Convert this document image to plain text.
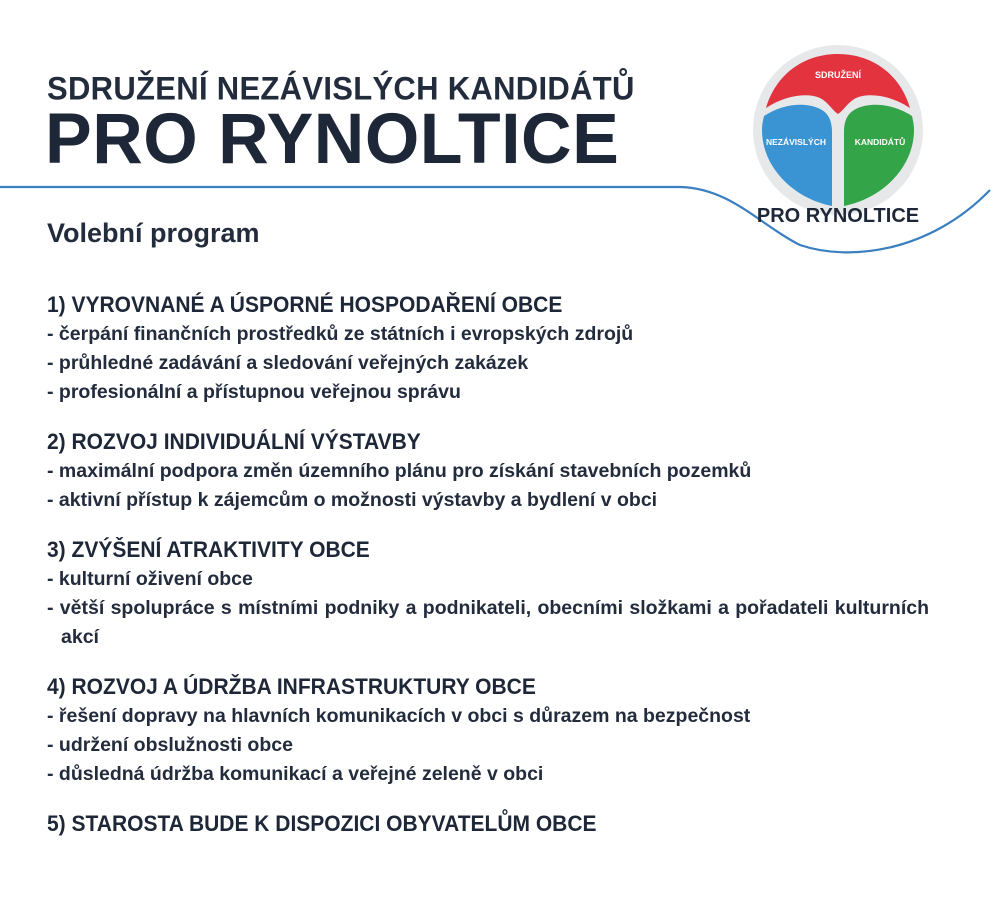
SDRUŽENÍ NEZÁVISLÝCH KANDIDÁTŮ
PRO RYNOLTICE
Volební program
SDRUŽENÍ
NEZÁVISLÝCH	KANDIDÁTŮ
PRO RYNOLTICE
1) VYROVNANÉ A ÚSPORNÉ HOSPODAŘENÍ OBCE
- čerpání finančních prostředků ze státních i evropských zdrojů
- průhledné zadávání a sledování veřejných zakázek
- profesionální a přístupnou veřejnou správu
2) ROZVOJ INDIVIDUÁLNÍ VÝSTAVBY
- maximální podpora změn územního plánu pro získání stavebních pozemků
- aktivní přístup k zájemcům o možnosti výstavby a bydlení v obci
3) ZVÝŠENÍ ATRAKTIVITY OBCE
- kulturní oživení obce
- větší spolupráce s místními podniky a podnikateli, obecními složkami a pořadateli kulturních akcí
4) ROZVOJ A ÚDRŽBA INFRASTRUKTURY OBCE
- řešení dopravy na hlavních komunikacích v obci s důrazem na bezpečnost
- udržení obslužnosti obce
- důsledná údržba komunikací a veřejné zeleně v obci
5) STAROSTA BUDE K DISPOZICI OBYVATELŮM OBCE
